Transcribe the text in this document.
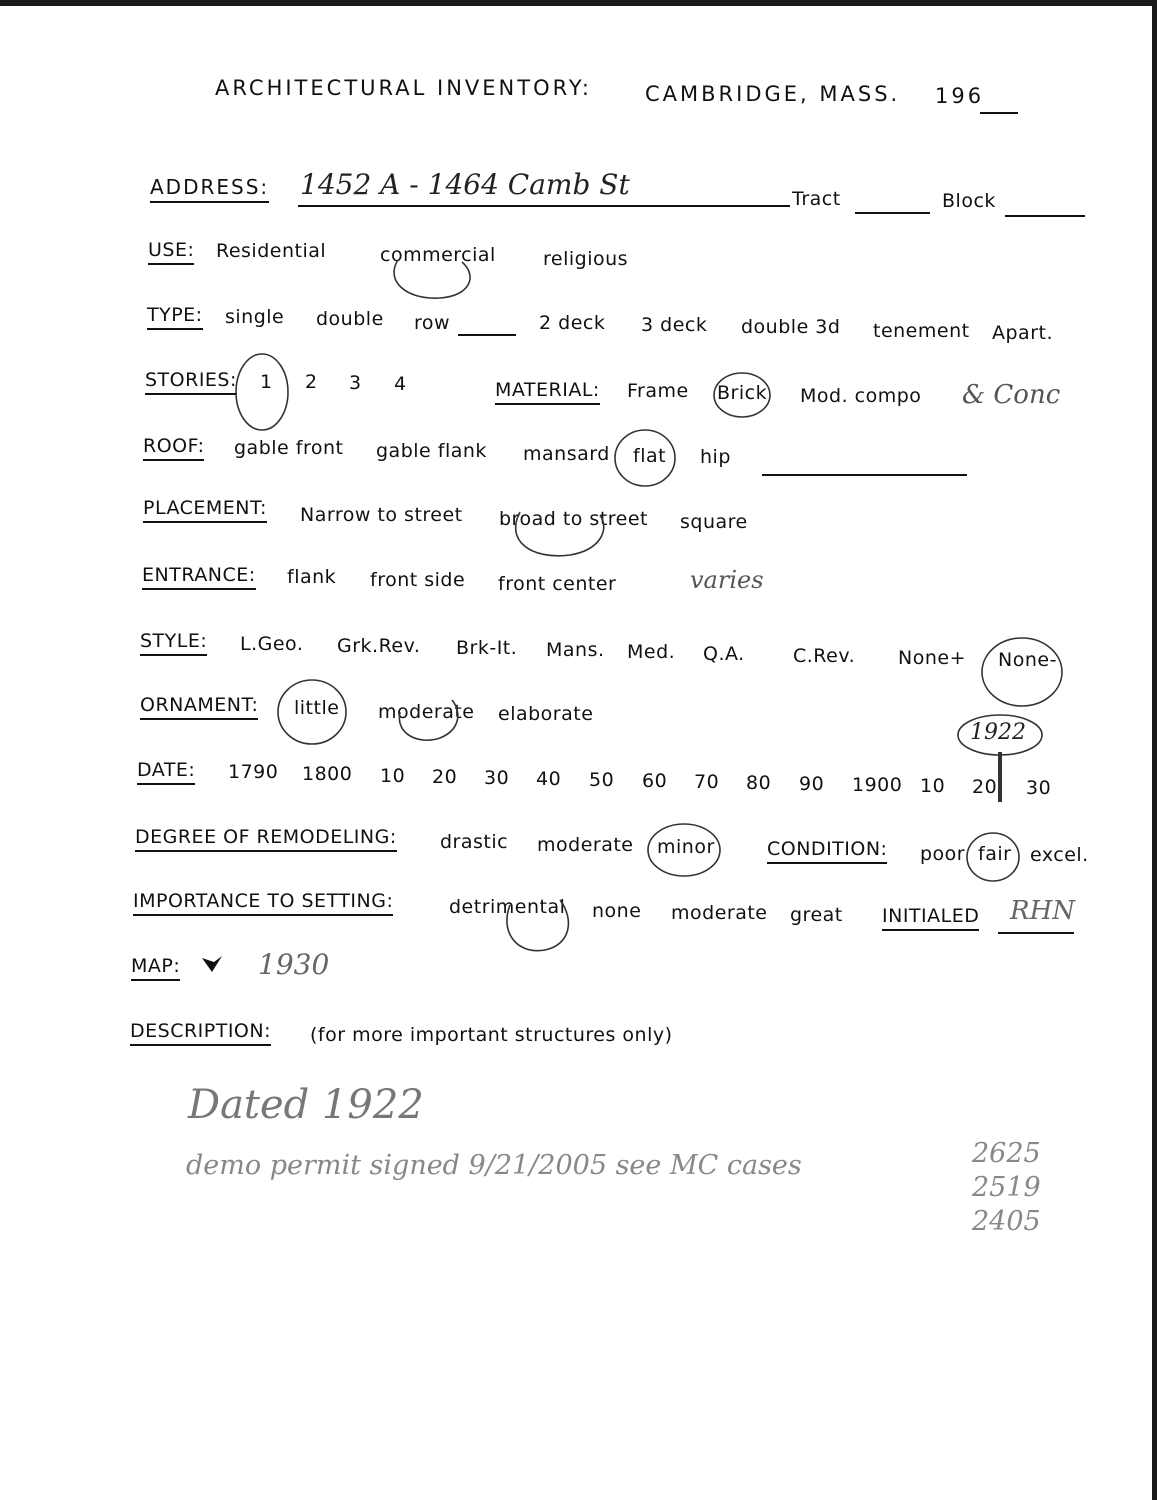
ARCHITECTURAL INVENTORY:	CAMBRIDGE, MASS. 196
ADDRESS: 1452 A - 1464 Camb St	Tract	Block
USE: Residential	commercial religious
TYPE: single double row	2 deck 3 deck double 3d tenement Apart.
STORIES: 1 2 3 4	MATERIAL: Frame Brick Mod. compo & Conc
ROOF: gable front gable flank mansard flat hip
PLACEMENT: Narrow to street broad to street square
ENTRANCE: flank front side front center	varies
STYLE: L.Geo. Grk.Rev. Brk-It. Mans. Med. Q.A.	C.Rev. None+ None-
ORNAMENT: little moderate elaborate
1922
DATE: 1790 1800 10 20 30 40 50 60 70 80 90 1900 10 20 30
DEGREE OF REMODELING: drastic moderate minor	CONDITION: poor fair excel.
IMPORTANCE TO SETTING:	detrimental none moderate great INITIALED RHN
MAP:	1930
DESCRIPTION: (for more important structures only)
Dated 1922
demo permit signed 9/21/2005 see MC cases	2625
2519
2405
